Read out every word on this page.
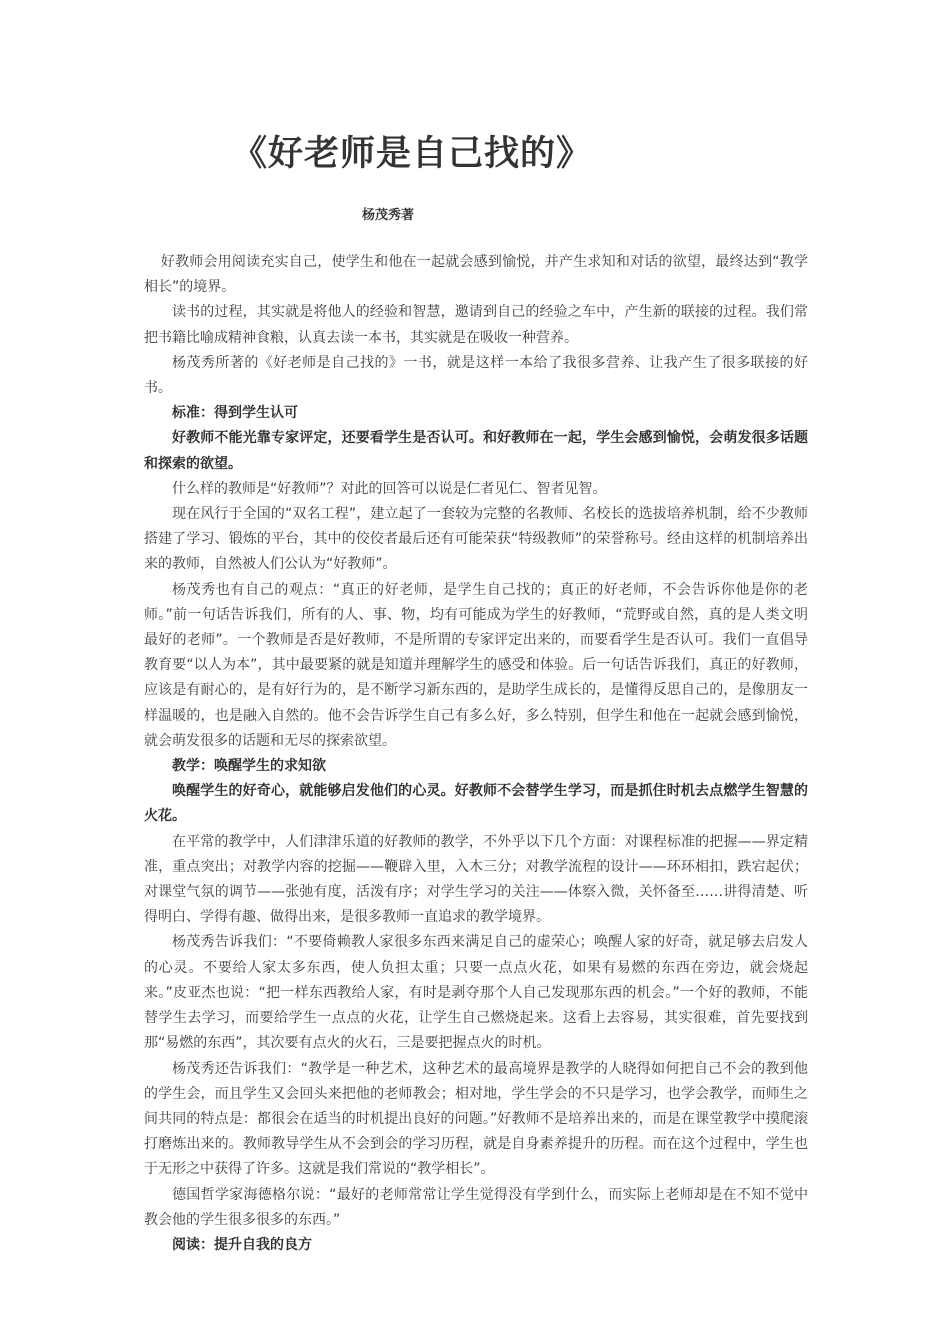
《好老师是自己找的》
杨茂秀著

好教师会用阅读充实自己，使学生和他在一起就会感到愉悦，并产生求知和对话的欲望，最终达到“教学相长”的境界。

读书的过程，其实就是将他人的经验和智慧，邀请到自己的经验之车中，产生新的联接的过程。我们常把书籍比喻成精神食粮，认真去读一本书，其实就是在吸收一种营养。

杨茂秀所著的《好老师是自己找的》一书，就是这样一本给了我很多营养、让我产生了很多联接的好书。

标准：得到学生认可

好教师不能光靠专家评定，还要看学生是否认可。和好教师在一起，学生会感到愉悦，会萌发很多话题和探索的欲望。

什么样的教师是“好教师”？对此的回答可以说是仁者见仁、智者见智。

现在风行于全国的“双名工程”，建立起了一套较为完整的名教师、名校长的选拔培养机制，给不少教师搭建了学习、锻炼的平台，其中的佼佼者最后还有可能荣获“特级教师”的荣誉称号。经由这样的机制培养出来的教师，自然被人们公认为“好教师”。

杨茂秀也有自己的观点：“真正的好老师，是学生自己找的；真正的好老师，不会告诉你他是你的老师。”前一句话告诉我们，所有的人、事、物，均有可能成为学生的好教师，“荒野或自然，真的是人类文明最好的老师”。一个教师是否是好教师，不是所谓的专家评定出来的，而要看学生是否认可。我们一直倡导教育要“以人为本”，其中最要紧的就是知道并理解学生的感受和体验。后一句话告诉我们，真正的好教师，应该是有耐心的，是有好行为的，是不断学习新东西的，是助学生成长的，是懂得反思自己的，是像朋友一样温暖的，也是融入自然的。他不会告诉学生自己有多么好，多么特别，但学生和他在一起就会感到愉悦，就会萌发很多的话题和无尽的探索欲望。

教学：唤醒学生的求知欲

唤醒学生的好奇心，就能够启发他们的心灵。好教师不会替学生学习，而是抓住时机去点燃学生智慧的火花。

在平常的教学中，人们津津乐道的好教师的教学，不外乎以下几个方面：对课程标准的把握——界定精准，重点突出；对教学内容的挖掘——鞭辟入里，入木三分；对教学流程的设计——环环相扣，跌宕起伏；对课堂气氛的调节——张弛有度，活泼有序；对学生学习的关注——体察入微，关怀备至……讲得清楚、听得明白、学得有趣、做得出来，是很多教师一直追求的教学境界。

杨茂秀告诉我们：“不要倚赖教人家很多东西来满足自己的虚荣心；唤醒人家的好奇，就足够去启发人的心灵。不要给人家太多东西，使人负担太重；只要一点点火花，如果有易燃的东西在旁边，就会烧起来。”皮亚杰也说：“把一样东西教给人家，有时是剥夺那个人自己发现那东西的机会。”一个好的教师，不能替学生去学习，而要给学生一点点的火花，让学生自己燃烧起来。这看上去容易，其实很难，首先要找到那“易燃的东西”，其次要有点火的火石，三是要把握点火的时机。

杨茂秀还告诉我们：“教学是一种艺术，这种艺术的最高境界是教学的人晓得如何把自己不会的教到他的学生会，而且学生又会回头来把他的老师教会；相对地，学生学会的不只是学习，也学会教学，而师生之间共同的特点是：都很会在适当的时机提出良好的问题。”好教师不是培养出来的，而是在课堂教学中摸爬滚打磨炼出来的。教师教导学生从不会到会的学习历程，就是自身素养提升的历程。而在这个过程中，学生也于无形之中获得了许多。这就是我们常说的“教学相长”。

德国哲学家海德格尔说：“最好的老师常常让学生觉得没有学到什么，而实际上老师却是在不知不觉中教会他的学生很多很多的东西。”

阅读：提升自我的良方
